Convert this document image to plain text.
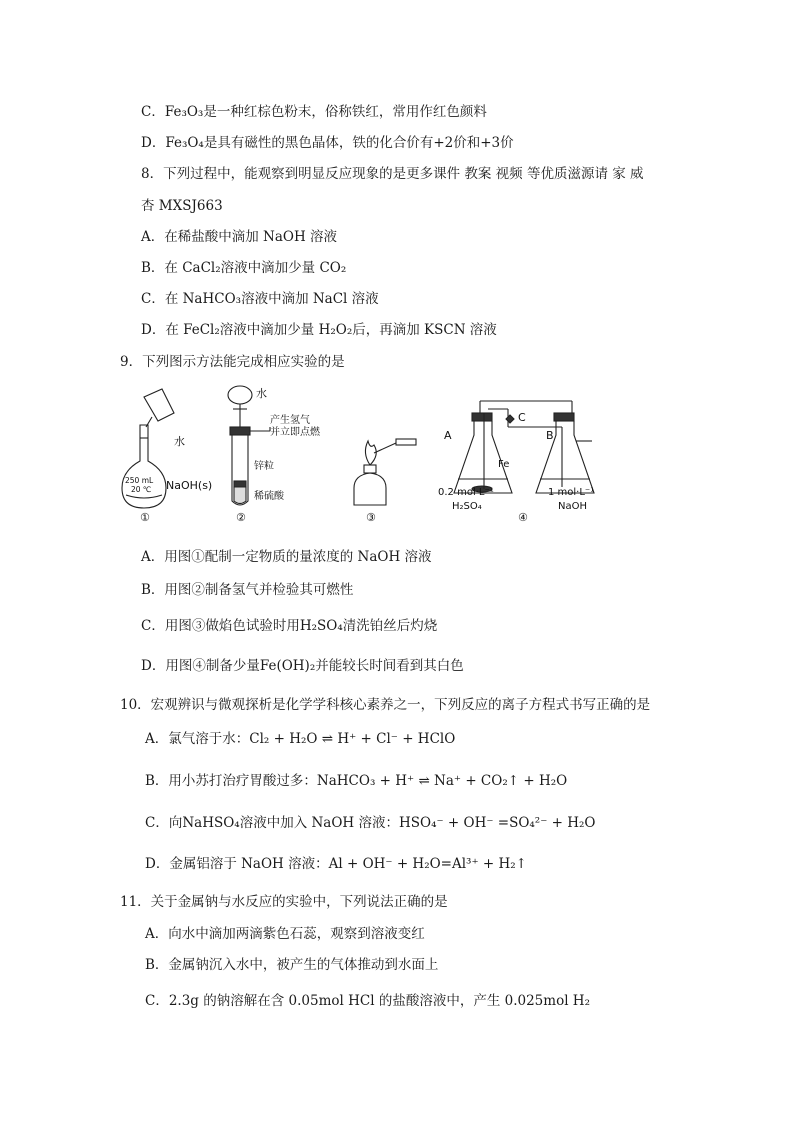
C．Fe₃O₃是一种红棕色粉末，俗称铁红，常用作红色颜料
D．Fe₃O₄是具有磁性的黑色晶体，铁的化合价有+2价和+3价
8．下列过程中，能观察到明显反应现象的是更多课件 教案 视频 等优质滋源请 家 威
杏 MXSJ663
A．在稀盐酸中滴加 NaOH 溶液
B．在 CaCl₂溶液中滴加少量 CO₂
C．在 NaHCO₃溶液中滴加 NaCl 溶液
D．在 FeCl₂溶液中滴加少量 H₂O₂后，再滴加 KSCN 溶液
9．下列图示方法能完成相应实验的是
水
250 mL
20 ℃ NaOH(s)
①
水
产生氢气
并立即点燃
锌粒
稀硫酸
②	③
A	B
C
Fe
0.2 mol·L⁻¹
H₂SO₄
1 mol·L⁻¹
NaOH
④
A．用图①配制一定物质的量浓度的 NaOH 溶液
B．用图②制备氢气并检验其可燃性
C．用图③做焰色试验时用H₂SO₄清洗铂丝后灼烧
D．用图④制备少量Fe(OH)₂并能较长时间看到其白色
10．宏观辨识与微观探析是化学学科核心素养之一，下列反应的离子方程式书写正确的是
A．氯气溶于水：Cl₂ + H₂O ⇌ H⁺ + Cl⁻ + HClO
B．用小苏打治疗胃酸过多：NaHCO₃ + H⁺ ⇌ Na⁺ + CO₂↑ + H₂O
C．向NaHSO₄溶液中加入 NaOH 溶液：HSO₄⁻ + OH⁻ =SO₄²⁻ + H₂O
D．金属铝溶于 NaOH 溶液：Al + OH⁻ + H₂O=Al³⁺ + H₂↑
11．关于金属钠与水反应的实验中，下列说法正确的是
A．向水中滴加两滴紫色石蕊，观察到溶液变红
B．金属钠沉入水中，被产生的气体推动到水面上
C．2.3g 的钠溶解在含 0.05mol HCl 的盐酸溶液中，产生 0.025mol H₂
